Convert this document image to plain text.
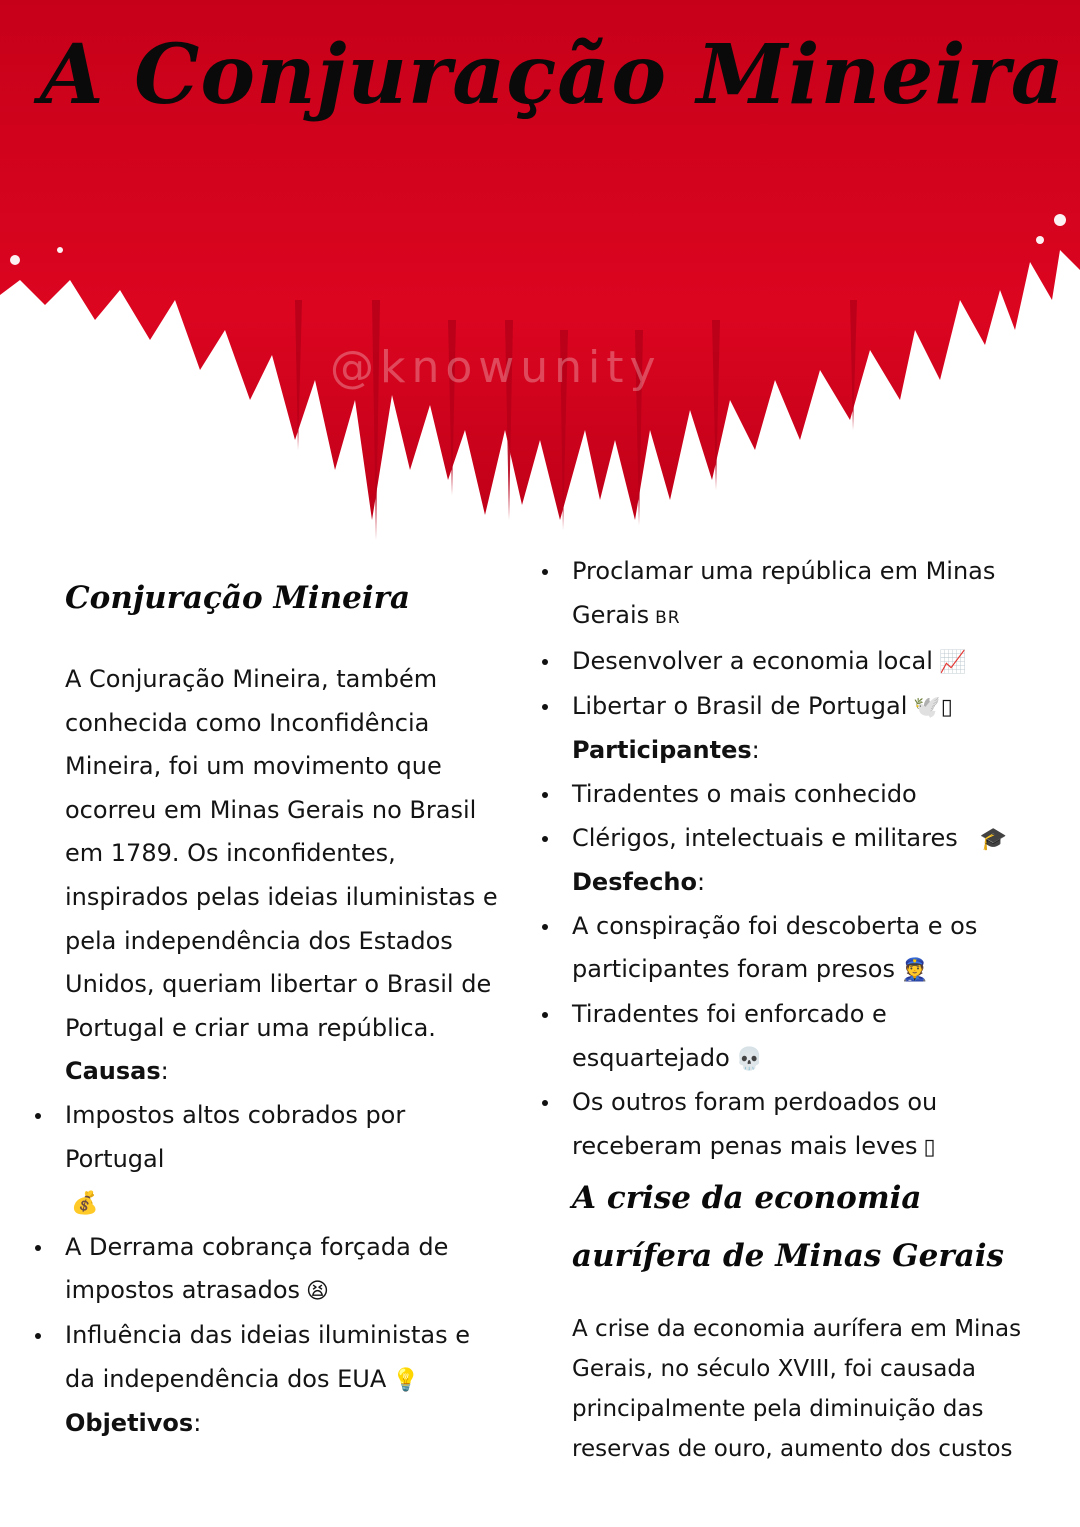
@knowunity
A Conjuração Mineira
Conjuração Mineira

A Conjuração Mineira, também conhecida como Inconfidência Mineira, foi um movimento que ocorreu em Minas Gerais no Brasil em 1789. Os inconfidentes, inspirados pelas ideias iluministas e pela independência dos Estados Unidos, queriam libertar o Brasil de Portugal e criar uma república.

Causas:

Impostos altos cobrados por Portugal
💰
A Derrama cobrança forçada de impostos atrasados 😫
Influência das ideias iluministas e da independência dos EUA 💡

Objetivos:

Proclamar uma república em Minas Gerais BR
Desenvolver a economia local 📈
Libertar o Brasil de Portugal 🕊️▯

Participantes:

Tiradentes o mais conhecido
Clérigos, intelectuais e militares 🎓

Desfecho:

A conspiração foi descoberta e os participantes foram presos 👮
Tiradentes foi enforcado e esquartejado 💀
Os outros foram perdoados ou receberam penas mais leves ▯
A crise da economia
aurífera de Minas Gerais

A crise da economia aurífera em Minas Gerais, no século XVIII, foi causada principalmente pela diminuição das reservas de ouro, aumento dos custos
